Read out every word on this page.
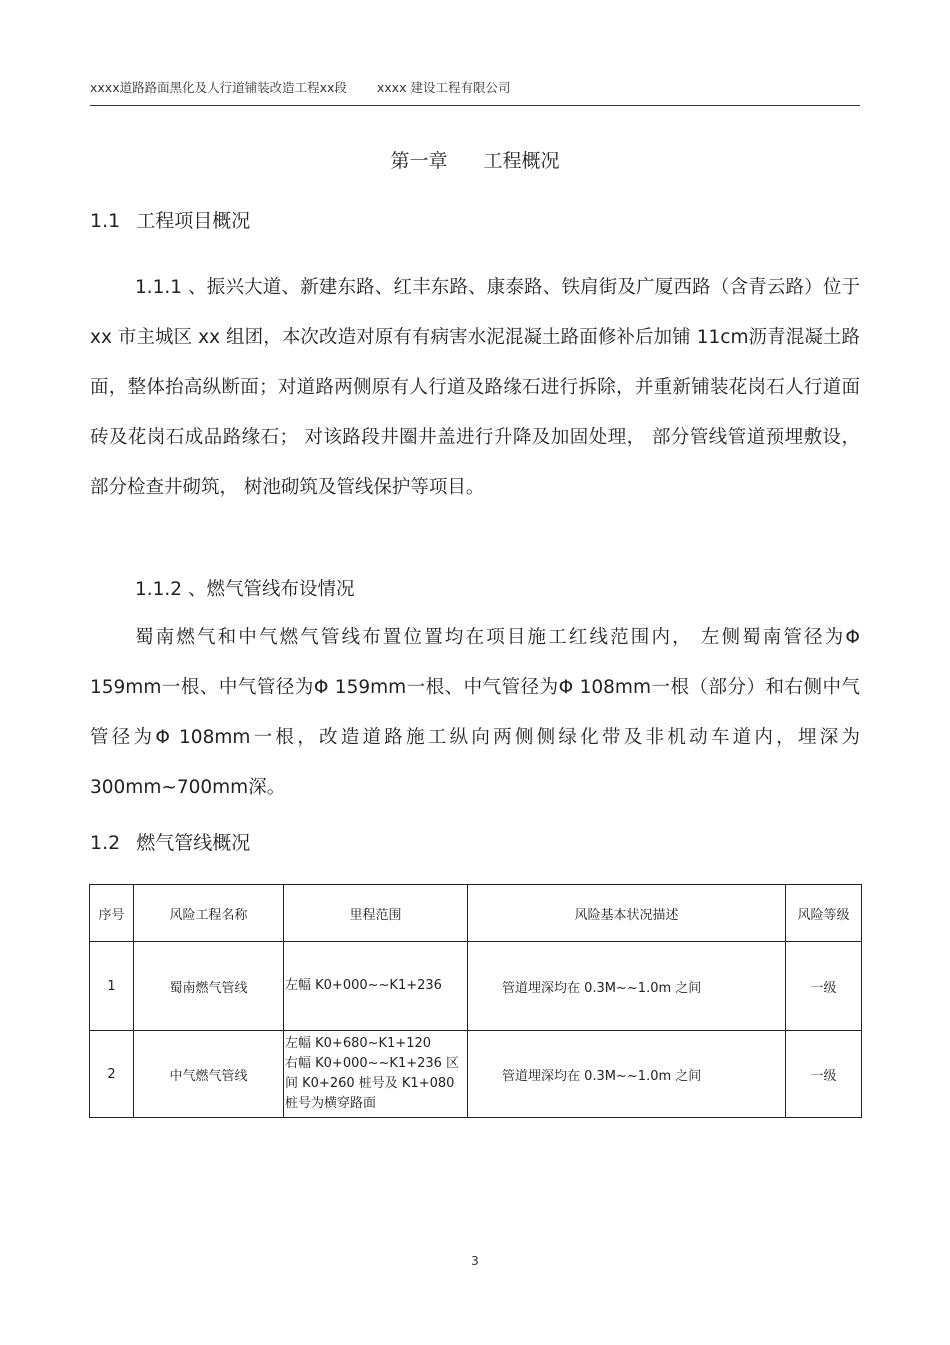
xxxx道路路面黑化及人行道铺装改造工程xx段 xxxx 建设工程有限公司
第一章 工程概况
1.1 工程项目概况

1.1.1 、振兴大道、新建东路、红丰东路、康泰路、铁肩街及广厦西路（含青云路）位于 xx 市主城区 xx 组团，本次改造对原有有病害水泥混凝土路面修补后加铺 11cm沥青混凝土路面，整体抬高纵断面；对道路两侧原有人行道及路缘石进行拆除，并重新铺装花岗石人行道面砖及花岗石成品路缘石； 对该路段井圈井盖进行升降及加固处理， 部分管线管道预埋敷设， 部分检查井砌筑， 树池砌筑及管线保护等项目。

1.1.2 、燃气管线布设情况

蜀南燃气和中气燃气管线布置位置均在项目施工红线范围内， 左侧蜀南管径为Φ 159mm一根、中气管径为Φ 159mm一根、中气管径为Φ 108mm一根（部分）和右侧中气管径为Φ 108mm一根，改造道路施工纵向两侧侧绿化带及非机动车道内，埋深为 300mm~700mm深。

1.2 燃气管线概况
序号	风险工程名称	里程范围	风险基本状况描述	风险等级
1	蜀南燃气管线	左幅 K0+000~~K1+236	管道埋深均在 0.3M~~1.0m 之间	一级
2	中气燃气管线	左幅 K0+680~K1+120
右幅 K0+000~~K1+236 区
间 K0+260 桩号及 K1+080
桩号为横穿路面	管道埋深均在 0.3M~~1.0m 之间	一级
3
